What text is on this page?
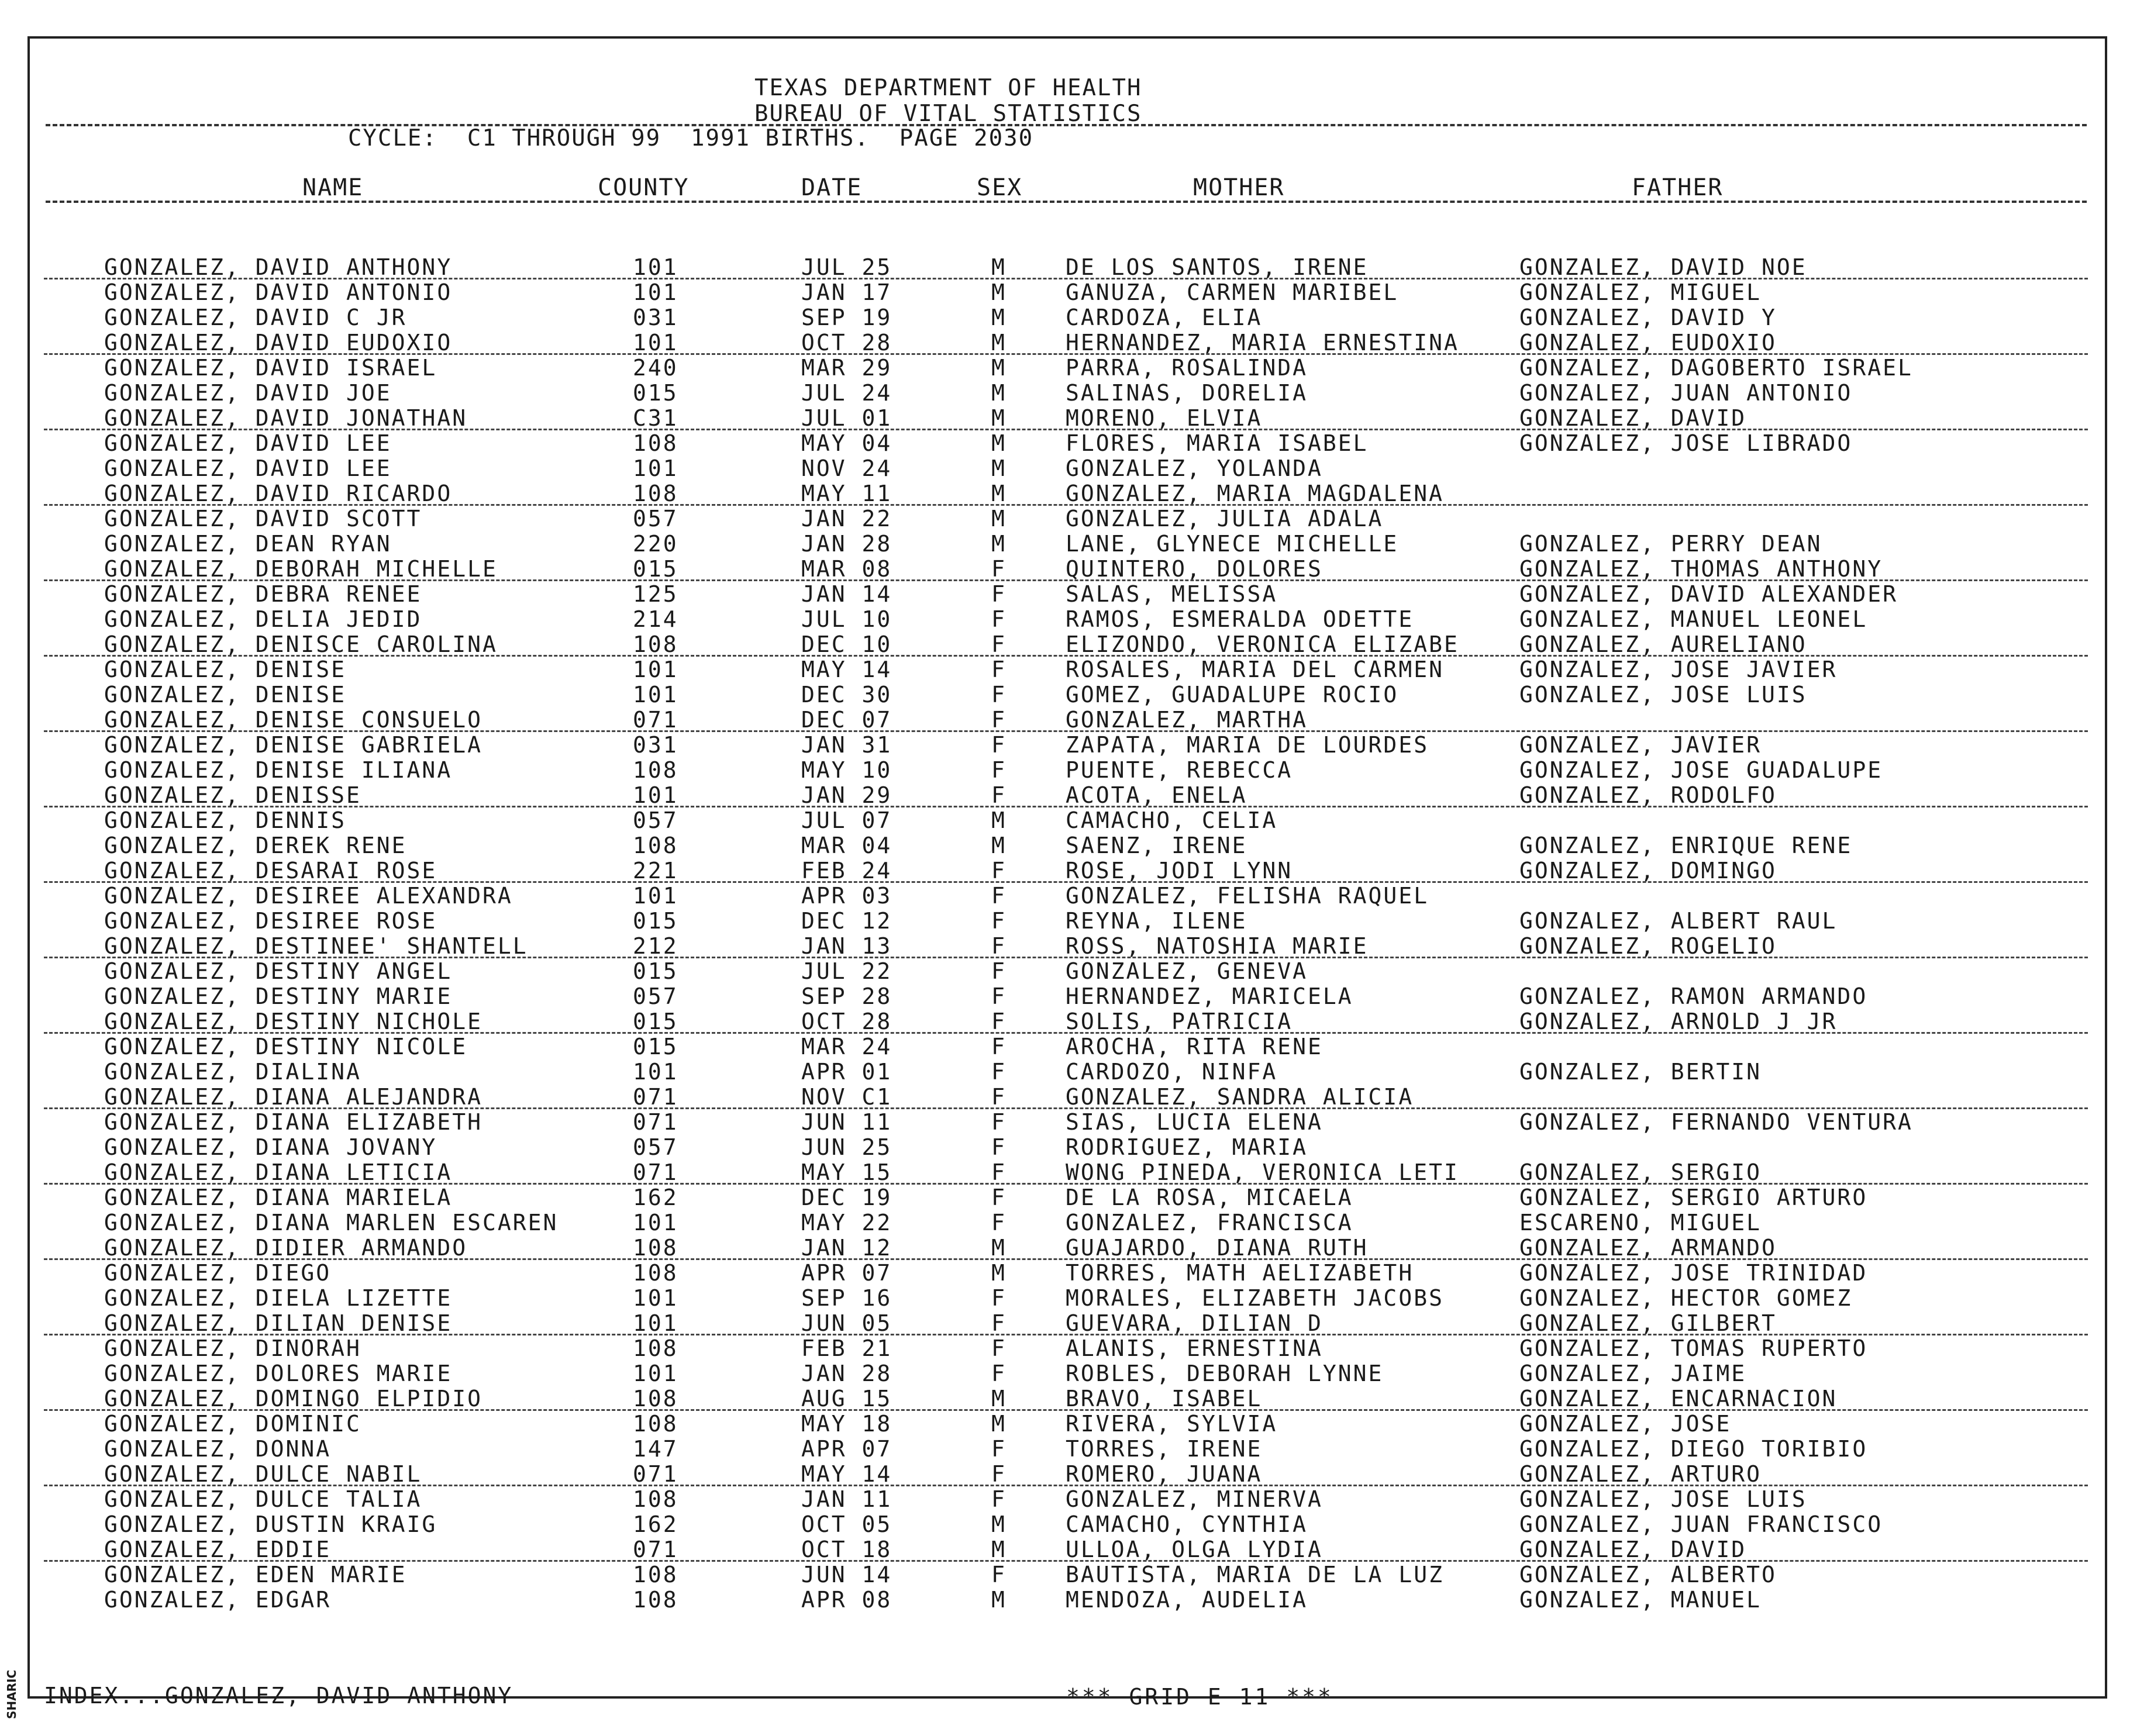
TEXAS DEPARTMENT OF HEALTH
BUREAU OF VITAL STATISTICS
CYCLE:  C1 THROUGH 99  1991 BIRTHS.  PAGE 2030
NAME	COUNTY	DATE	SEX	MOTHER	FATHER
GONZALEZ, DAVID ANTHONY	101	JUL 25	M	DE LOS SANTOS, IRENE	GONZALEZ, DAVID NOE
GONZALEZ, DAVID ANTONIO	101	JAN 17	M	GANUZA, CARMEN MARIBEL	GONZALEZ, MIGUEL
GONZALEZ, DAVID C JR	031	SEP 19	M	CARDOZA, ELIA	GONZALEZ, DAVID Y
GONZALEZ, DAVID EUDOXIO	101	OCT 28	M	HERNANDEZ, MARIA ERNESTINA	GONZALEZ, EUDOXIO
GONZALEZ, DAVID ISRAEL	240	MAR 29	M	PARRA, ROSALINDA	GONZALEZ, DAGOBERTO ISRAEL
GONZALEZ, DAVID JOE	015	JUL 24	M	SALINAS, DORELIA	GONZALEZ, JUAN ANTONIO
GONZALEZ, DAVID JONATHAN	C31	JUL 01	M	MORENO, ELVIA	GONZALEZ, DAVID
GONZALEZ, DAVID LEE	108	MAY 04	M	FLORES, MARIA ISABEL	GONZALEZ, JOSE LIBRADO
GONZALEZ, DAVID LEE	101	NOV 24	M	GONZALEZ, YOLANDA
GONZALEZ, DAVID RICARDO	108	MAY 11	M	GONZALEZ, MARIA MAGDALENA
GONZALEZ, DAVID SCOTT	057	JAN 22	M	GONZALEZ, JULIA ADALA
GONZALEZ, DEAN RYAN	220	JAN 28	M	LANE, GLYNECE MICHELLE	GONZALEZ, PERRY DEAN
GONZALEZ, DEBORAH MICHELLE	015	MAR 08	F	QUINTERO, DOLORES	GONZALEZ, THOMAS ANTHONY
GONZALEZ, DEBRA RENEE	125	JAN 14	F	SALAS, MELISSA	GONZALEZ, DAVID ALEXANDER
GONZALEZ, DELIA JEDID	214	JUL 10	F	RAMOS, ESMERALDA ODETTE	GONZALEZ, MANUEL LEONEL
GONZALEZ, DENISCE CAROLINA	108	DEC 10	F	ELIZONDO, VERONICA ELIZABE	GONZALEZ, AURELIANO
GONZALEZ, DENISE	101	MAY 14	F	ROSALES, MARIA DEL CARMEN	GONZALEZ, JOSE JAVIER
GONZALEZ, DENISE	101	DEC 30	F	GOMEZ, GUADALUPE ROCIO	GONZALEZ, JOSE LUIS
GONZALEZ, DENISE CONSUELO	071	DEC 07	F	GONZALEZ, MARTHA
GONZALEZ, DENISE GABRIELA	031	JAN 31	F	ZAPATA, MARIA DE LOURDES	GONZALEZ, JAVIER
GONZALEZ, DENISE ILIANA	108	MAY 10	F	PUENTE, REBECCA	GONZALEZ, JOSE GUADALUPE
GONZALEZ, DENISSE	101	JAN 29	F	ACOTA, ENELA	GONZALEZ, RODOLFO
GONZALEZ, DENNIS	057	JUL 07	M	CAMACHO, CELIA
GONZALEZ, DEREK RENE	108	MAR 04	M	SAENZ, IRENE	GONZALEZ, ENRIQUE RENE
GONZALEZ, DESARAI ROSE	221	FEB 24	F	ROSE, JODI LYNN	GONZALEZ, DOMINGO
GONZALEZ, DESIREE ALEXANDRA	101	APR 03	F	GONZALEZ, FELISHA RAQUEL
GONZALEZ, DESIREE ROSE	015	DEC 12	F	REYNA, ILENE	GONZALEZ, ALBERT RAUL
GONZALEZ, DESTINEE' SHANTELL	212	JAN 13	F	ROSS, NATOSHIA MARIE	GONZALEZ, ROGELIO
GONZALEZ, DESTINY ANGEL	015	JUL 22	F	GONZALEZ, GENEVA
GONZALEZ, DESTINY MARIE	057	SEP 28	F	HERNANDEZ, MARICELA	GONZALEZ, RAMON ARMANDO
GONZALEZ, DESTINY NICHOLE	015	OCT 28	F	SOLIS, PATRICIA	GONZALEZ, ARNOLD J JR
GONZALEZ, DESTINY NICOLE	015	MAR 24	F	AROCHA, RITA RENE
GONZALEZ, DIALINA	101	APR 01	F	CARDOZO, NINFA	GONZALEZ, BERTIN
GONZALEZ, DIANA ALEJANDRA	071	NOV C1	F	GONZALEZ, SANDRA ALICIA
GONZALEZ, DIANA ELIZABETH	071	JUN 11	F	SIAS, LUCIA ELENA	GONZALEZ, FERNANDO VENTURA
GONZALEZ, DIANA JOVANY	057	JUN 25	F	RODRIGUEZ, MARIA
GONZALEZ, DIANA LETICIA	071	MAY 15	F	WONG PINEDA, VERONICA LETI	GONZALEZ, SERGIO
GONZALEZ, DIANA MARIELA	162	DEC 19	F	DE LA ROSA, MICAELA	GONZALEZ, SERGIO ARTURO
GONZALEZ, DIANA MARLEN ESCAREN	101	MAY 22	F	GONZALEZ, FRANCISCA	ESCARENO, MIGUEL
GONZALEZ, DIDIER ARMANDO	108	JAN 12	M	GUAJARDO, DIANA RUTH	GONZALEZ, ARMANDO
GONZALEZ, DIEGO	108	APR 07	M	TORRES, MATH AELIZABETH	GONZALEZ, JOSE TRINIDAD
GONZALEZ, DIELA LIZETTE	101	SEP 16	F	MORALES, ELIZABETH JACOBS	GONZALEZ, HECTOR GOMEZ
GONZALEZ, DILIAN DENISE	101	JUN 05	F	GUEVARA, DILIAN D	GONZALEZ, GILBERT
GONZALEZ, DINORAH	108	FEB 21	F	ALANIS, ERNESTINA	GONZALEZ, TOMAS RUPERTO
GONZALEZ, DOLORES MARIE	101	JAN 28	F	ROBLES, DEBORAH LYNNE	GONZALEZ, JAIME
GONZALEZ, DOMINGO ELPIDIO	108	AUG 15	M	BRAVO, ISABEL	GONZALEZ, ENCARNACION
GONZALEZ, DOMINIC	108	MAY 18	M	RIVERA, SYLVIA	GONZALEZ, JOSE
GONZALEZ, DONNA	147	APR 07	F	TORRES, IRENE	GONZALEZ, DIEGO TORIBIO
GONZALEZ, DULCE NABIL	071	MAY 14	F	ROMERO, JUANA	GONZALEZ, ARTURO
GONZALEZ, DULCE TALIA	108	JAN 11	F	GONZALEZ, MINERVA	GONZALEZ, JOSE LUIS
GONZALEZ, DUSTIN KRAIG	162	OCT 05	M	CAMACHO, CYNTHIA	GONZALEZ, JUAN FRANCISCO
GONZALEZ, EDDIE	071	OCT 18	M	ULLOA, OLGA LYDIA	GONZALEZ, DAVID
GONZALEZ, EDEN MARIE	108	JUN 14	F	BAUTISTA, MARIA DE LA LUZ	GONZALEZ, ALBERTO
GONZALEZ, EDGAR	108	APR 08	M	MENDOZA, AUDELIA	GONZALEZ, MANUEL
INDEX...GONZALEZ, DAVID ANTHONY	*** GRID E 11 ***
SHARIC
